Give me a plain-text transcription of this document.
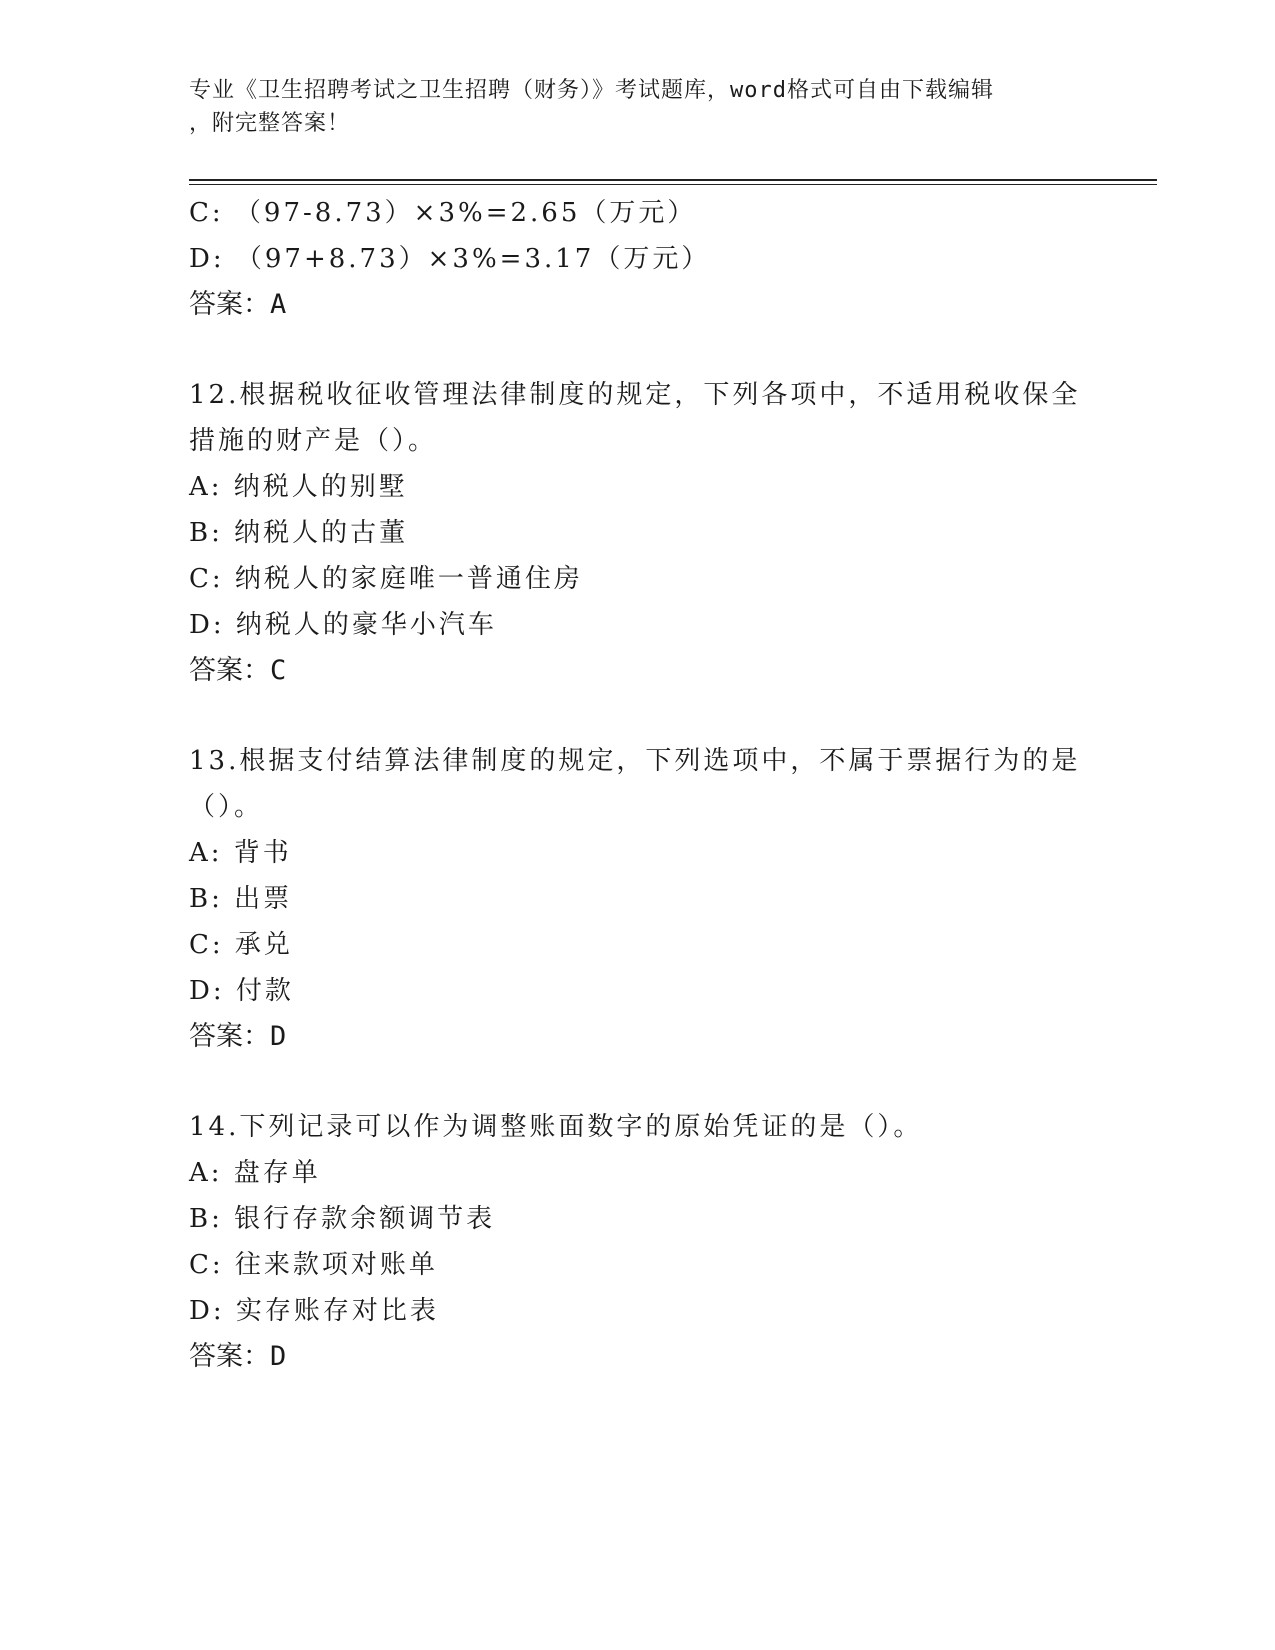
专业《卫生招聘考试之卫生招聘（财务）》考试题库，word格式可自由下载编辑
，附完整答案！
C: （97-8.73）×3%=2.65（万元）
D: （97+8.73）×3%=3.17（万元）
答案：A
12.根据税收征收管理法律制度的规定，下列各项中，不适用税收保全
措施的财产是（）。
A: 纳税人的别墅
B: 纳税人的古董
C: 纳税人的家庭唯一普通住房
D: 纳税人的豪华小汽车
答案：C
13.根据支付结算法律制度的规定，下列选项中，不属于票据行为的是
（）。
A: 背书
B: 出票
C: 承兑
D: 付款
答案：D
14.下列记录可以作为调整账面数字的原始凭证的是（）。
A: 盘存单
B: 银行存款余额调节表
C: 往来款项对账单
D: 实存账存对比表
答案：D
